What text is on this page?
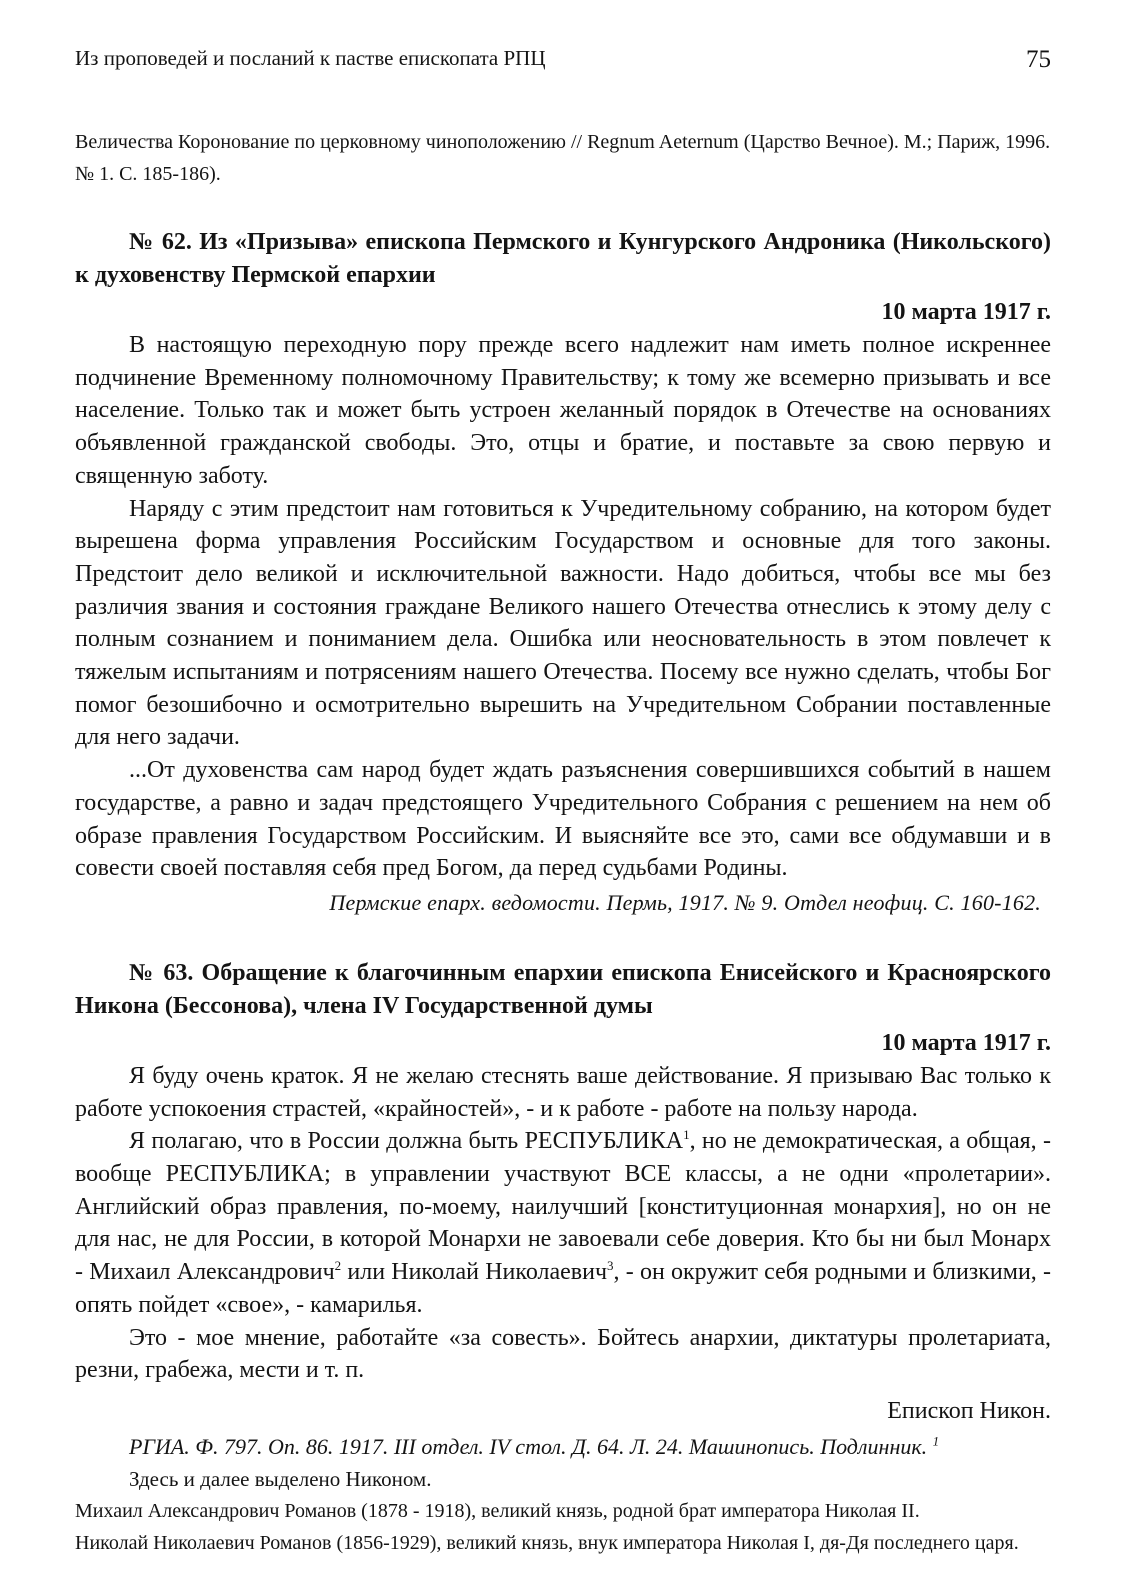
Из проповедей и посланий к пастве епископата РПЦ	75

Величества Коронование по церковному чиноположению // Regnum Aeternum (Царство Вечное). М.; Париж, 1996. № 1. С. 185-186).

№ 62. Из «Призыва» епископа Пермского и Кунгурского Андроника (Никольского) к духовенству Пермской епархии

10 марта 1917 г.

В настоящую переходную пору прежде всего надлежит нам иметь полное искреннее подчинение Временному полномочному Правительству; к тому же всемерно призывать и все население. Только так и может быть устроен желанный порядок в Отечестве на основаниях объявленной гражданской свободы. Это, отцы и братие, и поставьте за свою первую и священную заботу.

Наряду с этим предстоит нам готовиться к Учредительному собранию, на котором будет вырешена форма управления Российским Государством и основные для того законы. Предстоит дело великой и исключительной важности. Надо добиться, чтобы все мы без различия звания и состояния граждане Великого нашего Отечества отнеслись к этому делу с полным сознанием и пониманием дела. Ошибка или неосновательность в этом повлечет к тяжелым испытаниям и потрясениям нашего Отечества. Посему все нужно сделать, чтобы Бог помог безошибочно и осмотрительно вырешить на Учредительном Собрании поставленные для него задачи.

...От духовенства сам народ будет ждать разъяснения совершившихся событий в нашем государстве, а равно и задач предстоящего Учредительного Собрания с решением на нем об образе правления Государством Российским. И выясняйте все это, сами все обдумавши и в совести своей поставляя себя пред Богом, да перед судьбами Родины.

Пермские епарх. ведомости. Пермь, 1917. № 9. Отдел неофиц. С. 160-162.

№ 63. Обращение к благочинным епархии епископа Енисейского и Красноярского Никона (Бессонова), члена IV Государственной думы

10 марта 1917 г.

Я буду очень краток. Я не желаю стеснять ваше действование. Я призываю Вас только к работе успокоения страстей, «крайностей», - и к работе - работе на пользу народа.

Я полагаю, что в России должна быть РЕСПУБЛИКА$^1$, но не демократическая, а общая, - вообще РЕСПУБЛИКА; в управлении участвуют ВСЕ классы, а не одни «пролетарии». Английский образ правления, по-моему, наилучший [конституционная монархия], но он не для нас, не для России, в которой Монархи не завоевали себе доверия. Кто бы ни был Монарх - Михаил Александрович$^2$ или Николай Николаевич$^3$, - он окружит себя родными и близкими, - опять пойдет «свое», - камарилья.

Это - мое мнение, работайте «за совесть». Бойтесь анархии, диктатуры пролетариата, резни, грабежа, мести и т. п.

Епископ Никон.

РГИА. Ф. 797. Оп. 86. 1917. III отдел. IV стол. Д. 64. Л. 24. Машинопись. Подлинник. $^1$

Здесь и далее выделено Никоном.

Михаил Александрович Романов (1878 - 1918), великий князь, родной брат императора Николая II.

Николай Николаевич Романов (1856-1929), великий князь, внук императора Николая I, дя-Дя последнего царя.
